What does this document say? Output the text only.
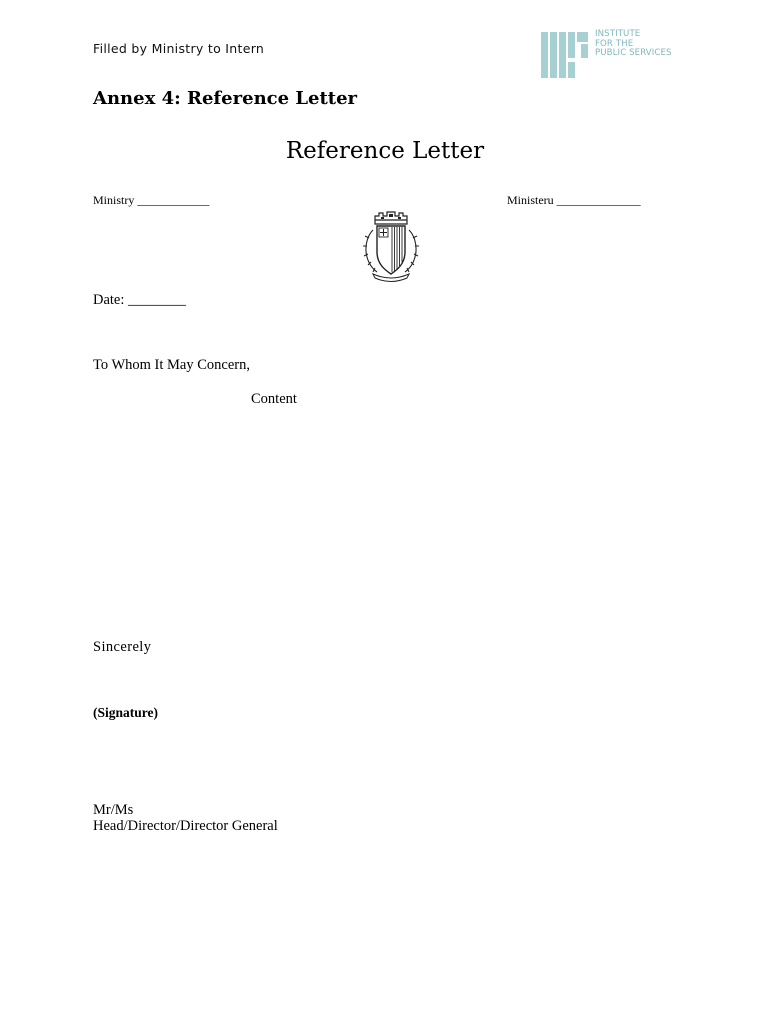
Filled by Ministry to Intern
INSTITUTE
FOR THE
PUBLIC SERVICES
Annex 4: Reference Letter
Reference Letter
Ministry ____________	Ministeru ______________
Date: ________
To Whom It May Concern,
Content
Sincerely
(Signature)
Mr/Ms
Head/Director/Director General
